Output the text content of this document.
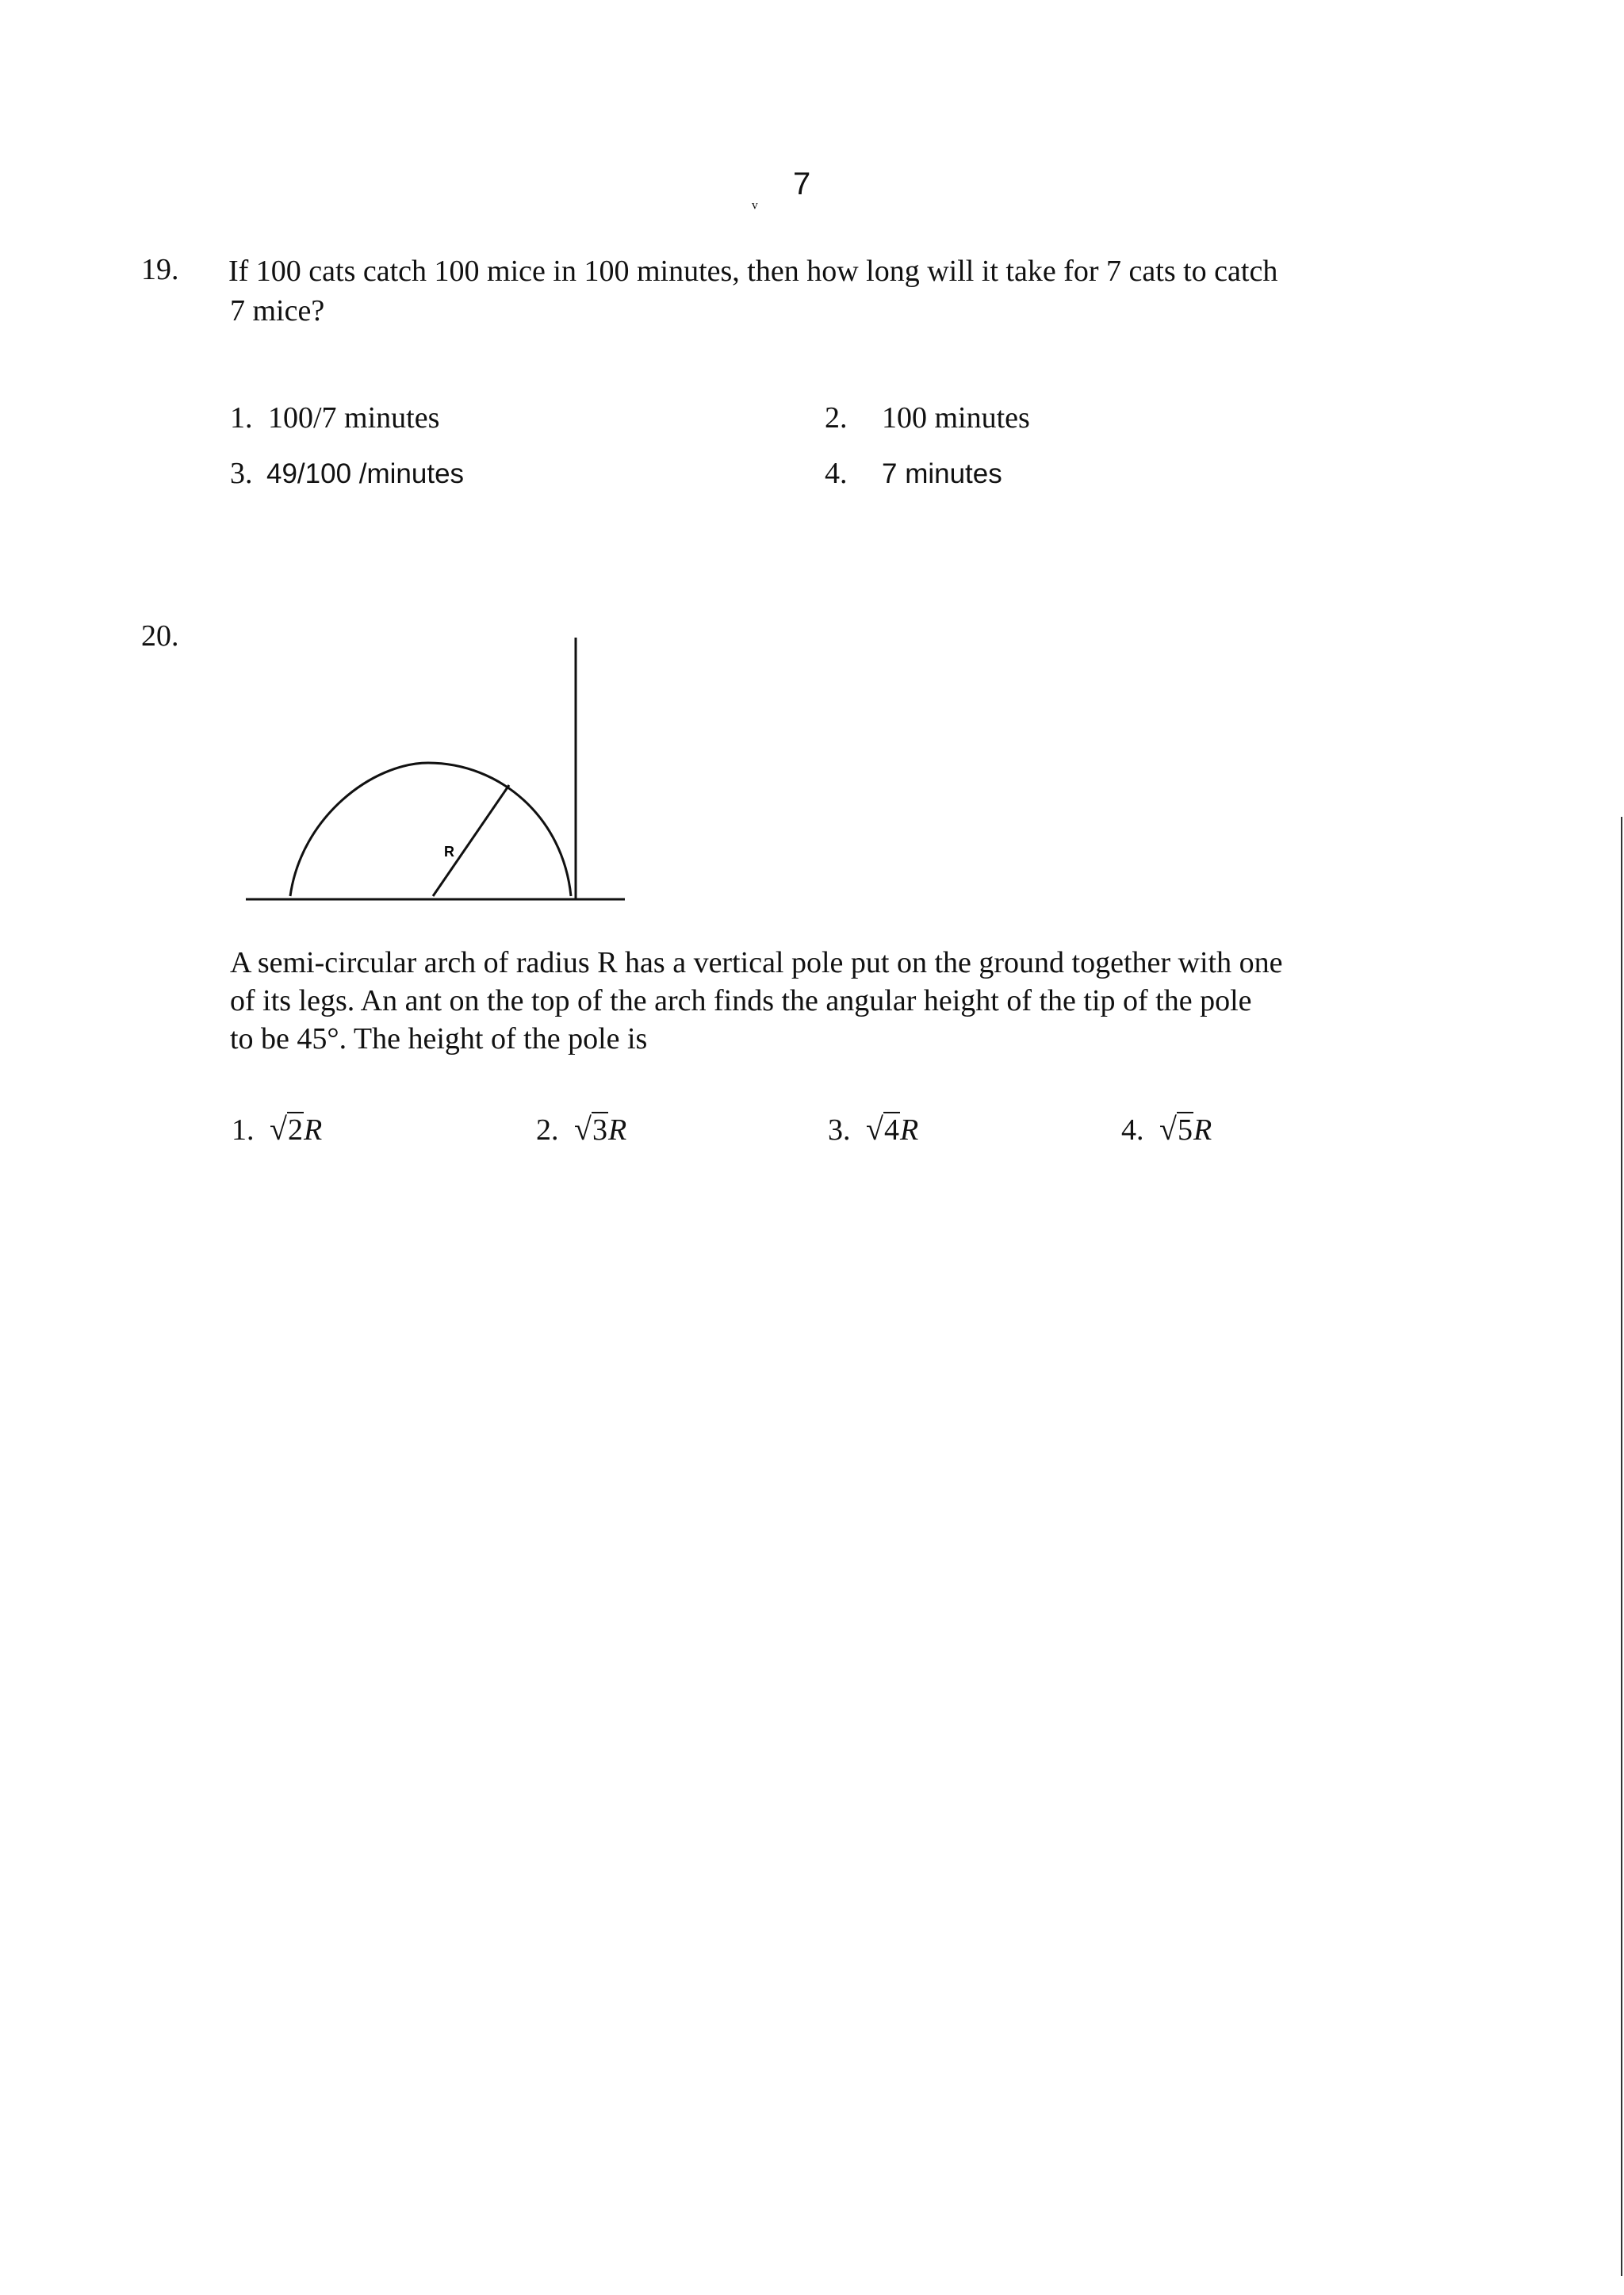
ᵥ 7
19. If 100 cats catch 100 mice in 100 minutes, then how long will it take for 7 cats to catch
7 mice?
1. 100/7 minutes	2. 100 minutes
3. 49/100 /minutes	4. 7 minutes
20.
R
A semi-circular arch of radius R has a vertical pole put on the ground together with one
of its legs. An ant on the top of the arch finds the angular height of the tip of the pole
to be 45°. The height of the pole is
1. √2R	2. √3R	3. √4R	4. √5R
